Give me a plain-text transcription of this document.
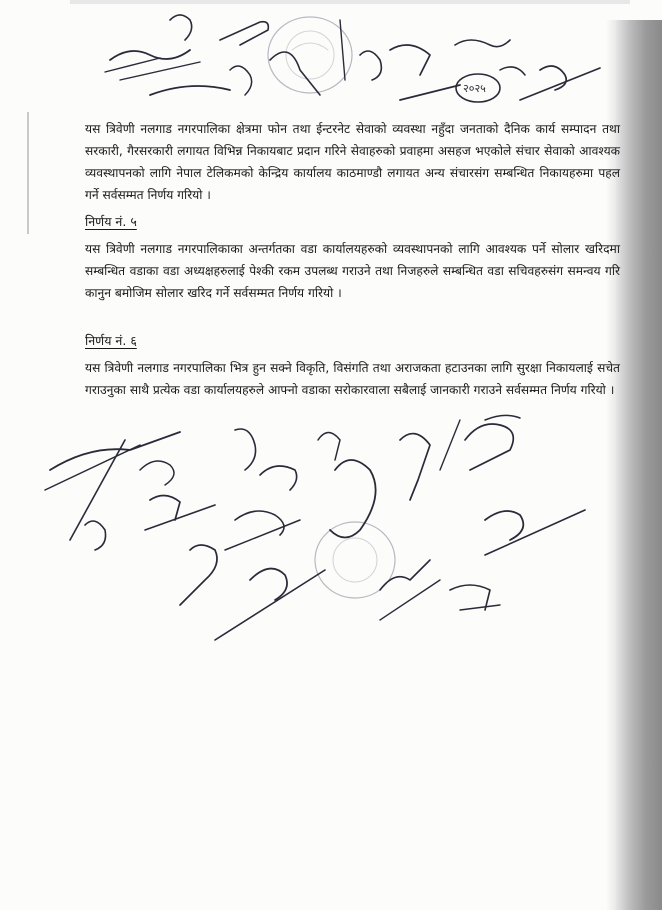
२०२५

यस त्रिवेणी नलगाड नगरपालिका क्षेत्रमा फोन तथा ईन्टरनेट सेवाको व्यवस्था नहुँदा जनताको दैनिक कार्य सम्पादन तथा सरकारी, गैरसरकारी लगायत विभिन्न निकायबाट प्रदान गरिने सेवाहरुको प्रवाहमा असहज भएकोले संचार सेवाको आवश्यक व्यवस्थापनको लागि नेपाल टेलिकमको केन्द्रिय कार्यालय काठमाण्डौ लगायत अन्य संचारसंग सम्बन्धित निकायहरुमा पहल गर्ने सर्वसम्मत निर्णय गरियो ।

निर्णय नं. ५

यस त्रिवेणी नलगाड नगरपालिकाका अन्तर्गतका वडा कार्यालयहरुको व्यवस्थापनको लागि आवश्यक पर्ने सोलार खरिदमा सम्बन्धित वडाका वडा अध्यक्षहरुलाई पेश्की रकम उपलब्ध गराउने तथा निजहरुले सम्बन्धित वडा सचिवहरुसंग समन्वय गरि कानुन बमोजिम सोलार खरिद गर्ने सर्वसम्मत निर्णय गरियो ।

निर्णय नं. ६

यस त्रिवेणी नलगाड नगरपालिका भित्र हुन सक्ने विकृति, विसंगति तथा अराजकता हटाउनका लागि सुरक्षा निकायलाई सचेत गराउनुका साथै प्रत्येक वडा कार्यालयहरुले आफ्नो वडाका सरोकारवाला सबैलाई जानकारी गराउने सर्वसम्मत निर्णय गरियो ।
